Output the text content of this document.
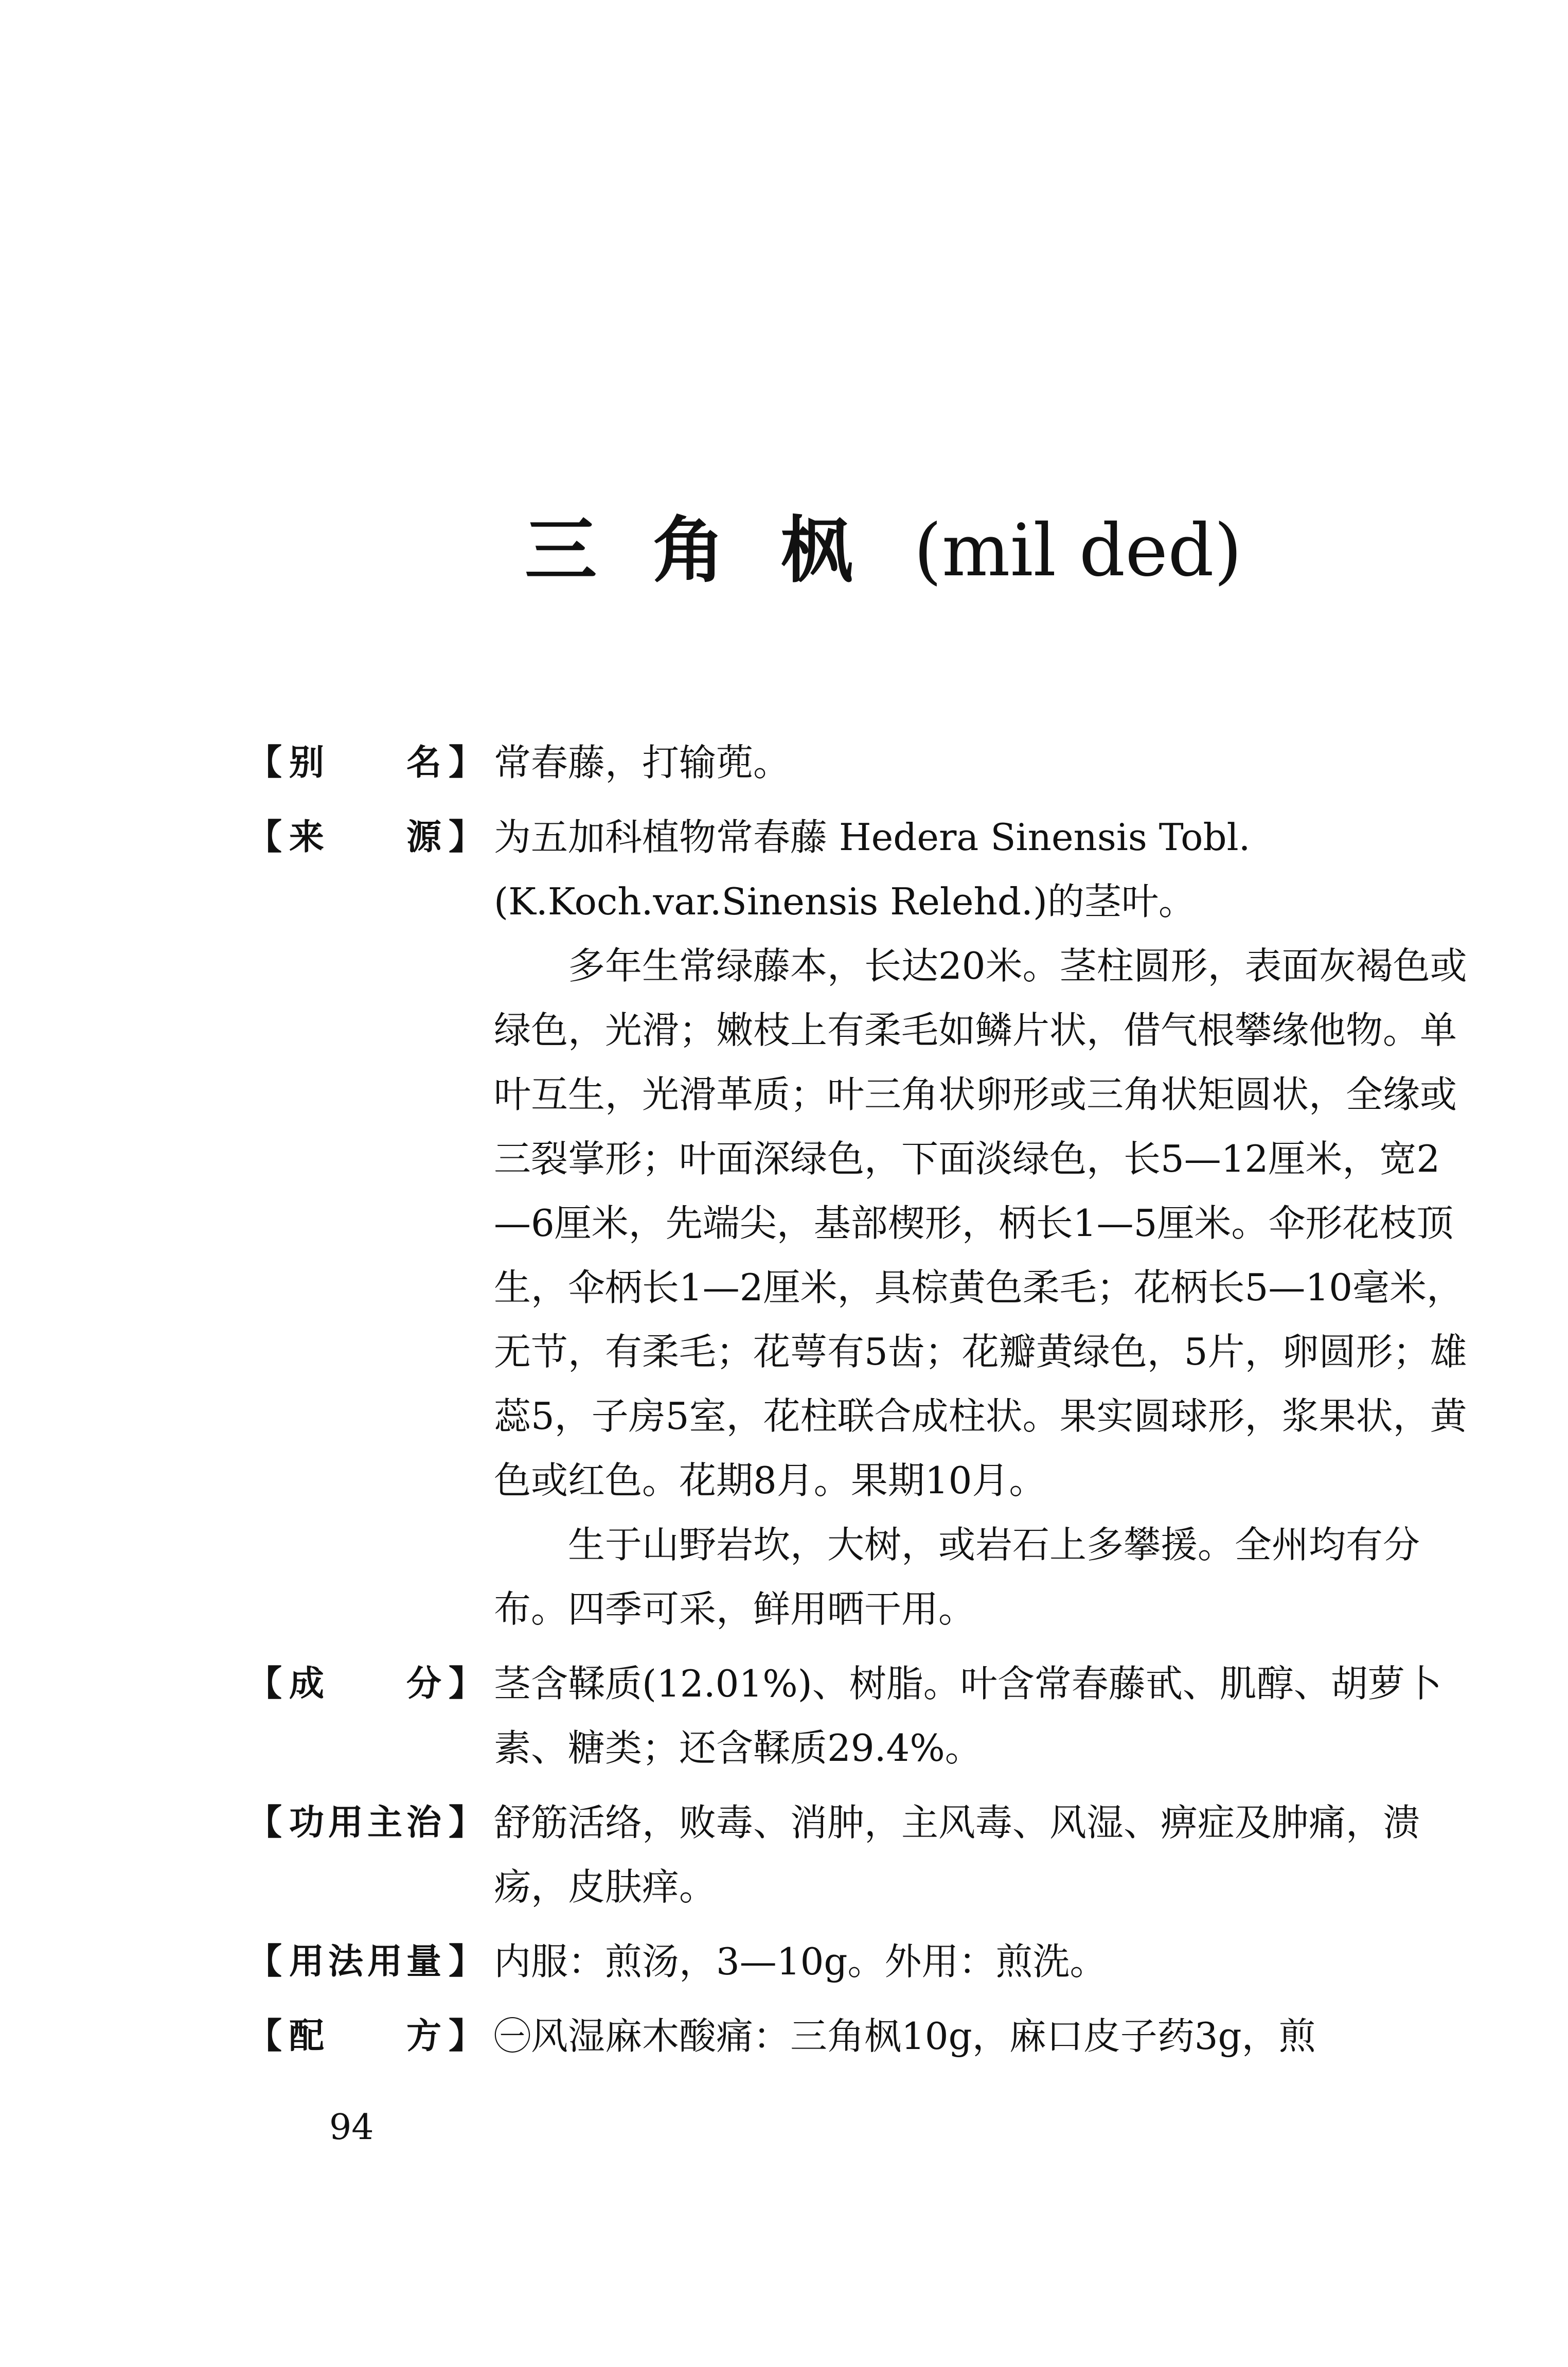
三 角 枫 (mil ded)
【 别 名 】 常春藤，打输蔸。

【 来 源 】 为五加科植物常春藤 Hedera Sinensis Tobl. (K.Koch.var.Sinensis Relehd.)的茎叶。

多年生常绿藤本，长达20米。茎柱圆形，表面灰褐色或绿色，光滑；嫩枝上有柔毛如鳞片状，借气根攀缘他物。单叶互生，光滑革质；叶三角状卵形或三角状矩圆状，全缘或三裂掌形；叶面深绿色，下面淡绿色，长5—12厘米，宽2—6厘米，先端尖，基部楔形，柄长1—5厘米。伞形花枝顶生，伞柄长1—2厘米，具棕黄色柔毛；花柄长5—10毫米，无节，有柔毛；花萼有5齿；花瓣黄绿色，5片，卵圆形；雄蕊5，子房5室，花柱联合成柱状。果实圆球形，浆果状，黄色或红色。花期8月。果期10月。

生于山野岩坎，大树，或岩石上多攀援。全州均有分布。四季可采，鲜用晒干用。

【 成 分 】 茎含鞣质(12.01%)、树脂。叶含常春藤甙、肌醇、胡萝卜素、糖类；还含鞣质29.4%。

【 功用主治 】 舒筋活络，败毒、消肿，主风毒、风湿、痹症及肿痛，溃疡，皮肤痒。

【 用法用量 】 内服：煎汤，3—10g。外用：煎洗。

【 配 方 】 ㊀风湿麻木酸痛：三角枫10g，麻口皮子药3g，煎

94
